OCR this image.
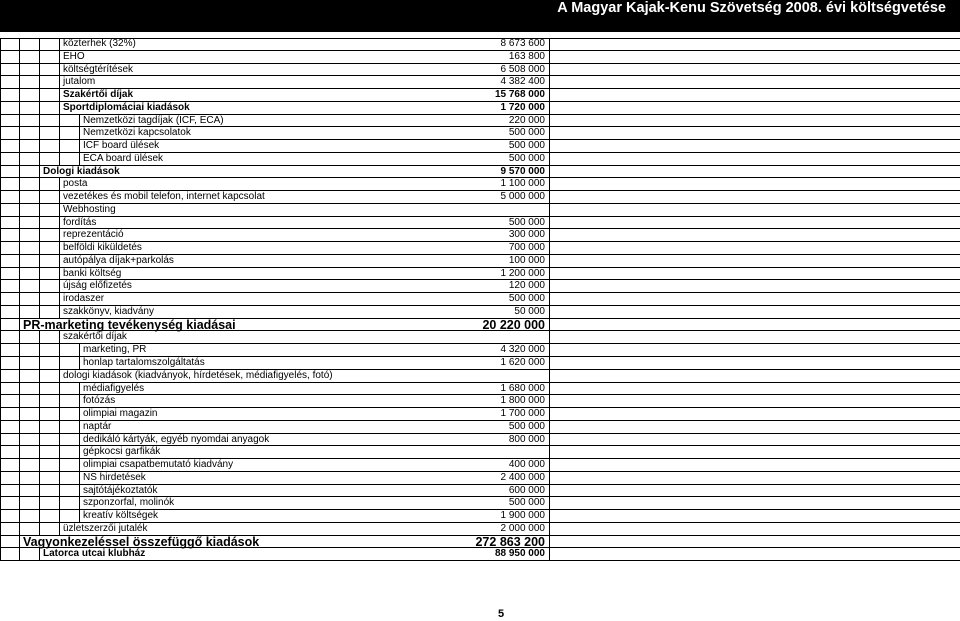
A Magyar Kajak-Kenu Szövetség 2008. évi költségvetése
közterhek (32%)	8 673 600
EHO	163 800
költségtérítések	6 508 000
jutalom	4 382 400
Szakértői díjak	15 768 000
Sportdiplomáciai kiadások	1 720 000
Nemzetközi tagdíjak (ICF, ECA)	220 000
Nemzetközi kapcsolatok	500 000
ICF board ülések	500 000
ECA board ülések	500 000
Dologi kiadások	9 570 000
posta	1 100 000
vezetékes és mobil telefon, internet kapcsolat	5 000 000
Webhosting
fordítás	500 000
reprezentáció	300 000
belföldi kiküldetés	700 000
autópálya díjak+parkolás	100 000
banki költség	1 200 000
újság előfizetés	120 000
irodaszer	500 000
szakkönyv, kiadvány	50 000
PR-marketing tevékenység kiadásai	20 220 000
szakértői díjak
marketing, PR	4 320 000
honlap tartalomszolgáltatás	1 620 000
dologi kiadások (kiadványok, hírdetések, médiafigyelés, fotó)
médiafigyelés	1 680 000
fotózás	1 800 000
olimpiai magazin	1 700 000
naptár	500 000
dedikáló kártyák, egyéb nyomdai anyagok	800 000
gépkocsi garfikák
olimpiai csapatbemutató kiadvány	400 000
NS hirdetések	2 400 000
sajtótájékoztatók	600 000
szponzorfal, molinók	500 000
kreatív költségek	1 900 000
üzletszerzői jutalék	2 000 000
Vagyonkezeléssel összefüggő kiadások	272 863 200
Latorca utcai klubház	88 950 000
5
